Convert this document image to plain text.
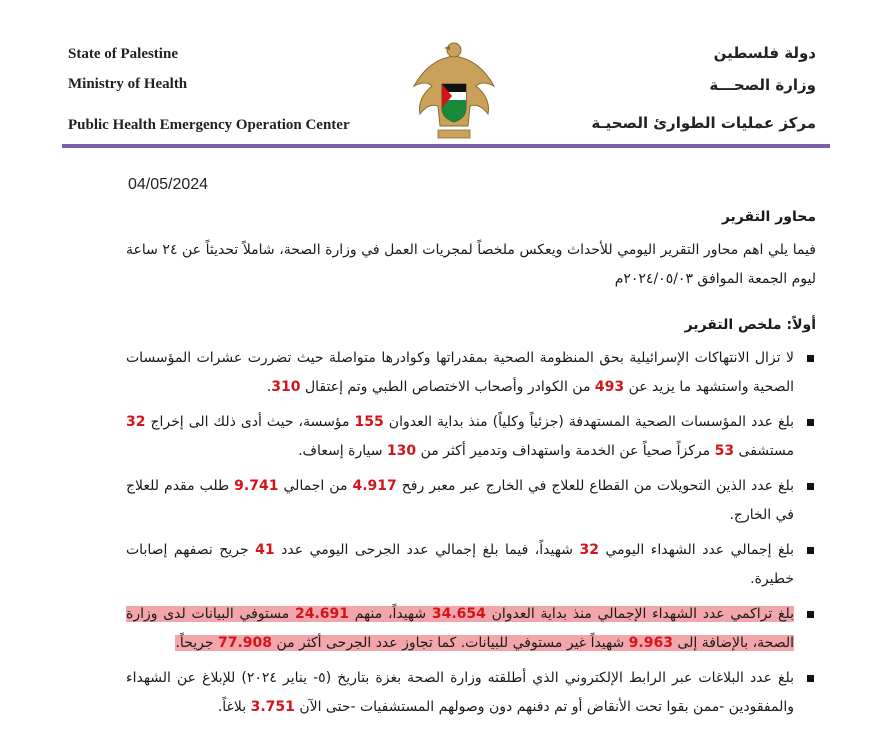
State of Palestine
Ministry of Health
Public Health Emergency Operation Center
دولة فلسطين
وزارة الصحـــة
مركز عمليات الطوارئ الصحيـة
04/05/2024
محاور التقرير
فيما يلي اهم محاور التقرير اليومي للأحداث ويعكس ملخصاً لمجريات العمل في وزارة الصحة، شاملاً تحديثاً عن ٢٤ ساعة ليوم الجمعة الموافق ٢٠٢٤/٠٥/٠٣م
أولاً: ملخص التقرير
لا تزال الانتهاكات الإسرائيلية بحق المنظومة الصحية بمقدراتها وكوادرها متواصلة حيث تضررت عشرات المؤسسات الصحية واستشهد ما يزيد عن 493 من الكوادر وأصحاب الاختصاص الطبي وتم إعتقال 310.
بلغ عدد المؤسسات الصحية المستهدفة (جزئياً وكلياً) منذ بداية العدوان 155 مؤسسة، حيث أدى ذلك الى إخراج 32 مستشفى 53 مركزاً صحياً عن الخدمة واستهداف وتدمير أكثر من 130 سيارة إسعاف.
بلغ عدد الذين التحويلات من القطاع للعلاج في الخارج عبر معبر رفح 4.917 من اجمالي 9.741 طلب مقدم للعلاج في الخارج.
بلغ إجمالي عدد الشهداء اليومي 32 شهيداً، فيما بلغ إجمالي عدد الجرحى اليومي عدد 41 جريح نصفهم إصابات خطيرة.
بلغ تراكمي عدد الشهداء الإجمالي منذ بداية العدوان 34.654 شهيداً، منهم 24.691 مستوفي البيانات لدى وزارة الصحة، بالإضافة إلى 9.963 شهيداً غير مستوفي للبيانات. كما تجاوز عدد الجرحى أكثر من 77.908 جريحاً.
بلغ عدد البلاغات عبر الرابط الإلكتروني الذي أطلقته وزارة الصحة بغزة بتاريخ (٥- يناير ٢٠٢٤) للإبلاغ عن الشهداء والمفقودين -ممن بقوا تحت الأنقاض أو تم دفنهم دون وصولهم المستشفيات -حتى الآن 3.751 بلاغاً.
